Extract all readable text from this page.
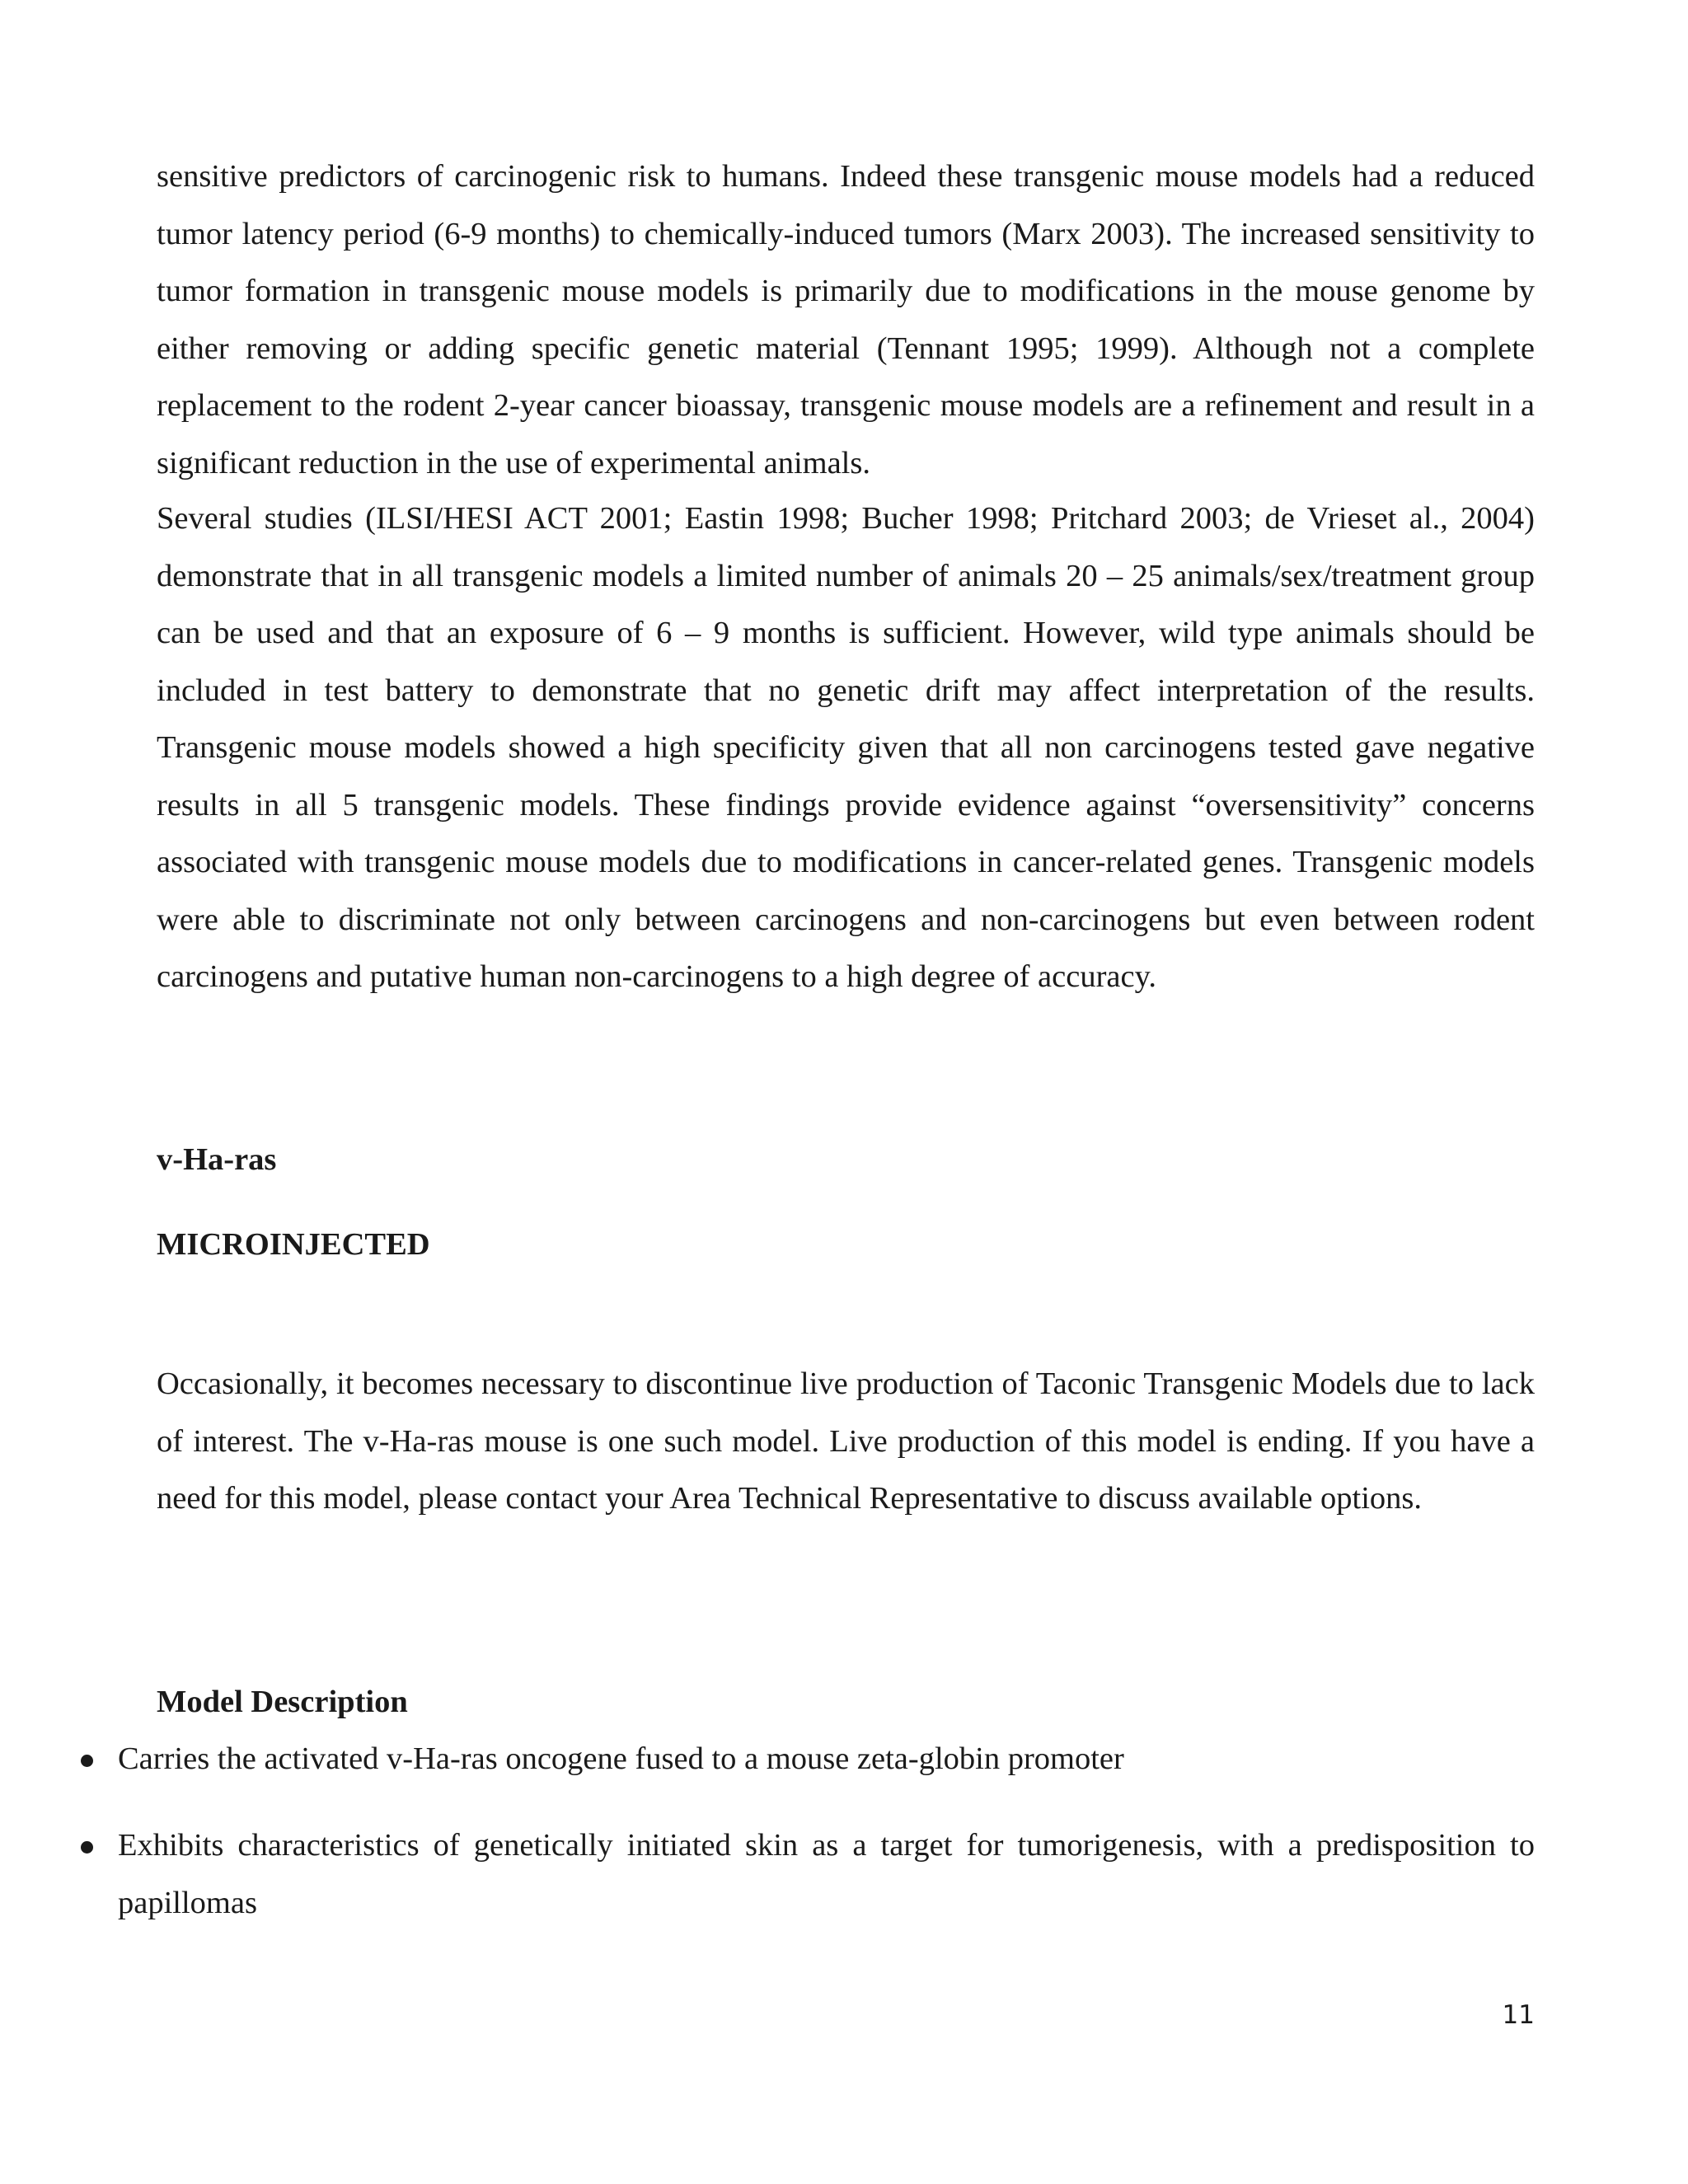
sensitive predictors of carcinogenic risk to humans. Indeed these transgenic mouse models had a reduced tumor latency period (6-9 months) to chemically-induced tumors (Marx 2003). The increased sensitivity to tumor formation in transgenic mouse models is primarily due to modifications in the mouse genome by either removing or adding specific genetic material (Tennant 1995; 1999). Although not a complete replacement to the rodent 2-year cancer bioassay, transgenic mouse models are a refinement and result in a significant reduction in the use of experimental animals.

Several studies (ILSI/HESI ACT 2001; Eastin 1998; Bucher 1998; Pritchard 2003; de Vrieset al., 2004) demonstrate that in all transgenic models a limited number of animals 20 – 25 animals/sex/treatment group can be used and that an exposure of 6 – 9 months is sufficient. However, wild type animals should be included in test battery to demonstrate that no genetic drift may affect interpretation of the results. Transgenic mouse models showed a high specificity given that all non carcinogens tested gave negative results in all 5 transgenic models. These findings provide evidence against “oversensitivity” concerns associated with transgenic mouse models due to modifications in cancer-related genes. Transgenic models were able to discriminate not only between carcinogens and non-carcinogens but even between rodent carcinogens and putative human non-carcinogens to a high degree of accuracy.

v-Ha-ras
MICROINJECTED

Occasionally, it becomes necessary to discontinue live production of Taconic Transgenic Models due to lack of interest. The v-Ha-ras mouse is one such model. Live production of this model is ending. If you have a need for this model, please contact your Area Technical Representative to discuss available options.

Model Description

Carries the activated v-Ha-ras oncogene fused to a mouse zeta-globin promoter

Exhibits characteristics of genetically initiated skin as a target for tumorigenesis, with a predisposition to papillomas

11
